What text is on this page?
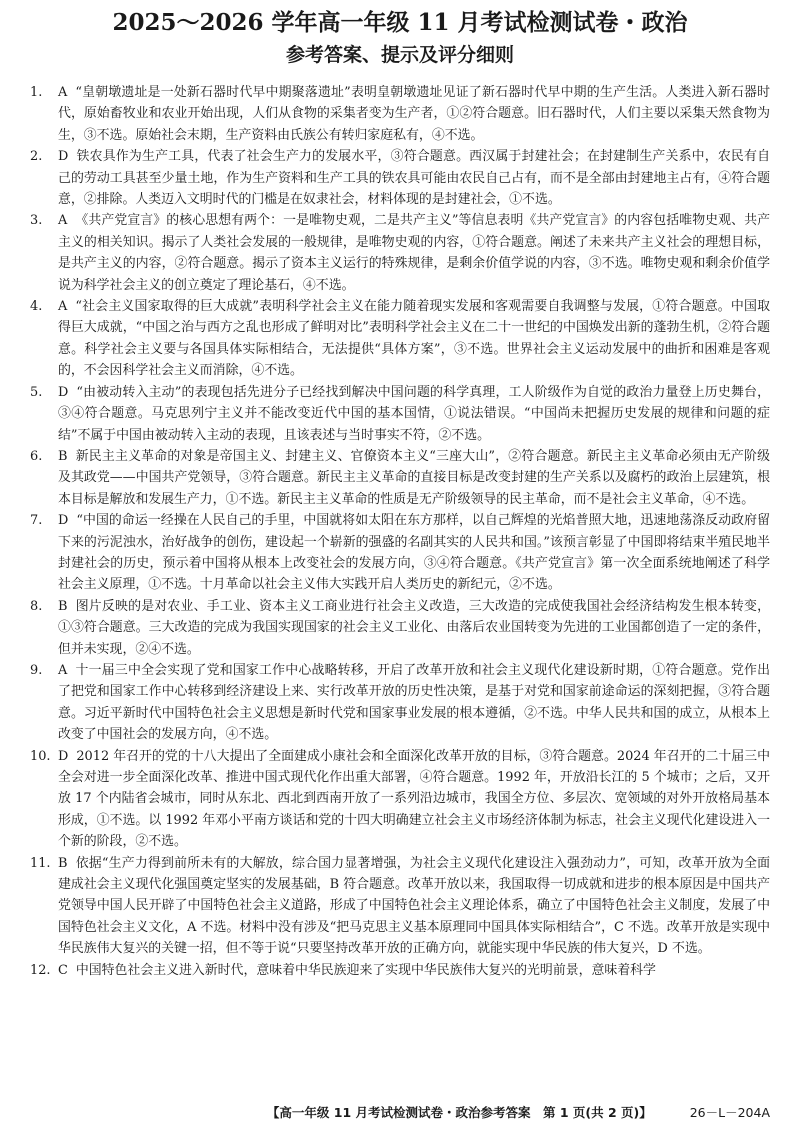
2025～2026 学年高一年级 11 月考试检测试卷・政治
参考答案、提示及评分细则

1. A “皇朝墩遗址是一处新石器时代早中期聚落遗址”表明皇朝墩遗址见证了新石器时代早中期的生产生活。人类进入新石器时代，原始畜牧业和农业开始出现，人们从食物的采集者变为生产者，①②符合题意。旧石器时代，人们主要以采集天然食物为生，③不选。原始社会末期，生产资料由氏族公有转归家庭私有，④不选。

2. D 铁农具作为生产工具，代表了社会生产力的发展水平，③符合题意。西汉属于封建社会；在封建制生产关系中，农民有自己的劳动工具甚至少量土地，作为生产资料和生产工具的铁农具可能由农民自己占有，而不是全部由封建地主占有，④符合题意，②排除。人类迈入文明时代的门槛是在奴隶社会，材料体现的是封建社会，①不选。

3. A 《共产党宣言》的核心思想有两个：一是唯物史观，二是共产主义”等信息表明《共产党宣言》的内容包括唯物史观、共产主义的相关知识。揭示了人类社会发展的一般规律，是唯物史观的内容，①符合题意。阐述了未来共产主义社会的理想目标，是共产主义的内容，②符合题意。揭示了资本主义运行的特殊规律，是剩余价值学说的内容，③不选。唯物史观和剩余价值学说为科学社会主义的创立奠定了理论基石，④不选。

4. A “社会主义国家取得的巨大成就”表明科学社会主义在能力随着现实发展和客观需要自我调整与发展，①符合题意。中国取得巨大成就，“中国之治与西方之乱也形成了鲜明对比”表明科学社会主义在二十一世纪的中国焕发出新的蓬勃生机，②符合题意。科学社会主义要与各国具体实际相结合，无法提供“具体方案”，③不选。世界社会主义运动发展中的曲折和困难是客观的，不会因科学社会主义而消除，④不选。

5. D “由被动转入主动”的表现包括先进分子已经找到解决中国问题的科学真理，工人阶级作为自觉的政治力量登上历史舞台，③④符合题意。马克思列宁主义并不能改变近代中国的基本国情，①说法错误。“中国尚未把握历史发展的规律和问题的症结”不属于中国由被动转入主动的表现，且该表述与当时事实不符，②不选。

6. B 新民主主义革命的对象是帝国主义、封建主义、官僚资本主义“三座大山”，②符合题意。新民主主义革命必须由无产阶级及其政党——中国共产党领导，③符合题意。新民主主义革命的直接目标是改变封建的生产关系以及腐朽的政治上层建筑，根本目标是解放和发展生产力，①不选。新民主主义革命的性质是无产阶级领导的民主革命，而不是社会主义革命，④不选。

7. D “中国的命运一经操在人民自己的手里，中国就将如太阳在东方那样，以自己辉煌的光焰普照大地，迅速地荡涤反动政府留下来的污泥浊水，治好战争的创伤，建设起一个崭新的强盛的名副其实的人民共和国。”该预言彰显了中国即将结束半殖民地半封建社会的历史，预示着中国将从根本上改变社会的发展方向，③④符合题意。《共产党宣言》第一次全面系统地阐述了科学社会主义原理，①不选。十月革命以社会主义伟大实践开启人类历史的新纪元，②不选。

8. B 图片反映的是对农业、手工业、资本主义工商业进行社会主义改造，三大改造的完成使我国社会经济结构发生根本转变，①③符合题意。三大改造的完成为我国实现国家的社会主义工业化、由落后农业国转变为先进的工业国都创造了一定的条件，但并未实现，②④不选。

9. A 十一届三中全会实现了党和国家工作中心战略转移，开启了改革开放和社会主义现代化建设新时期，①符合题意。党作出了把党和国家工作中心转移到经济建设上来、实行改革开放的历史性决策，是基于对党和国家前途命运的深刻把握，③符合题意。习近平新时代中国特色社会主义思想是新时代党和国家事业发展的根本遵循，②不选。中华人民共和国的成立，从根本上改变了中国社会的发展方向，④不选。

10. D 2012 年召开的党的十八大提出了全面建成小康社会和全面深化改革开放的目标，③符合题意。2024 年召开的二十届三中全会对进一步全面深化改革、推进中国式现代化作出重大部署，④符合题意。1992 年，开放沿长江的 5 个城市；之后，又开放 17 个内陆省会城市，同时从东北、西北到西南开放了一系列沿边城市，我国全方位、多层次、宽领域的对外开放格局基本形成，①不选。以 1992 年邓小平南方谈话和党的十四大明确建立社会主义市场经济体制为标志，社会主义现代化建设进入一个新的阶段，②不选。

11. B 依据“生产力得到前所未有的大解放，综合国力显著增强，为社会主义现代化建设注入强劲动力”，可知，改革开放为全面建成社会主义现代化强国奠定坚实的发展基础，B 符合题意。改革开放以来，我国取得一切成就和进步的根本原因是中国共产党领导中国人民开辟了中国特色社会主义道路，形成了中国特色社会主义理论体系，确立了中国特色社会主义制度，发展了中国特色社会主义文化，A 不选。材料中没有涉及“把马克思主义基本原理同中国具体实际相结合”，C 不选。改革开放是实现中华民族伟大复兴的关键一招，但不等于说“只要坚持改革开放的正确方向，就能实现中华民族的伟大复兴，D 不选。

12. C 中国特色社会主义进入新时代，意味着中华民族迎来了实现中华民族伟大复兴的光明前景，意味着科学

【高一年级 11 月考试检测试卷・政治参考答案　第 1 页(共 2 页)】	26－L－204A
